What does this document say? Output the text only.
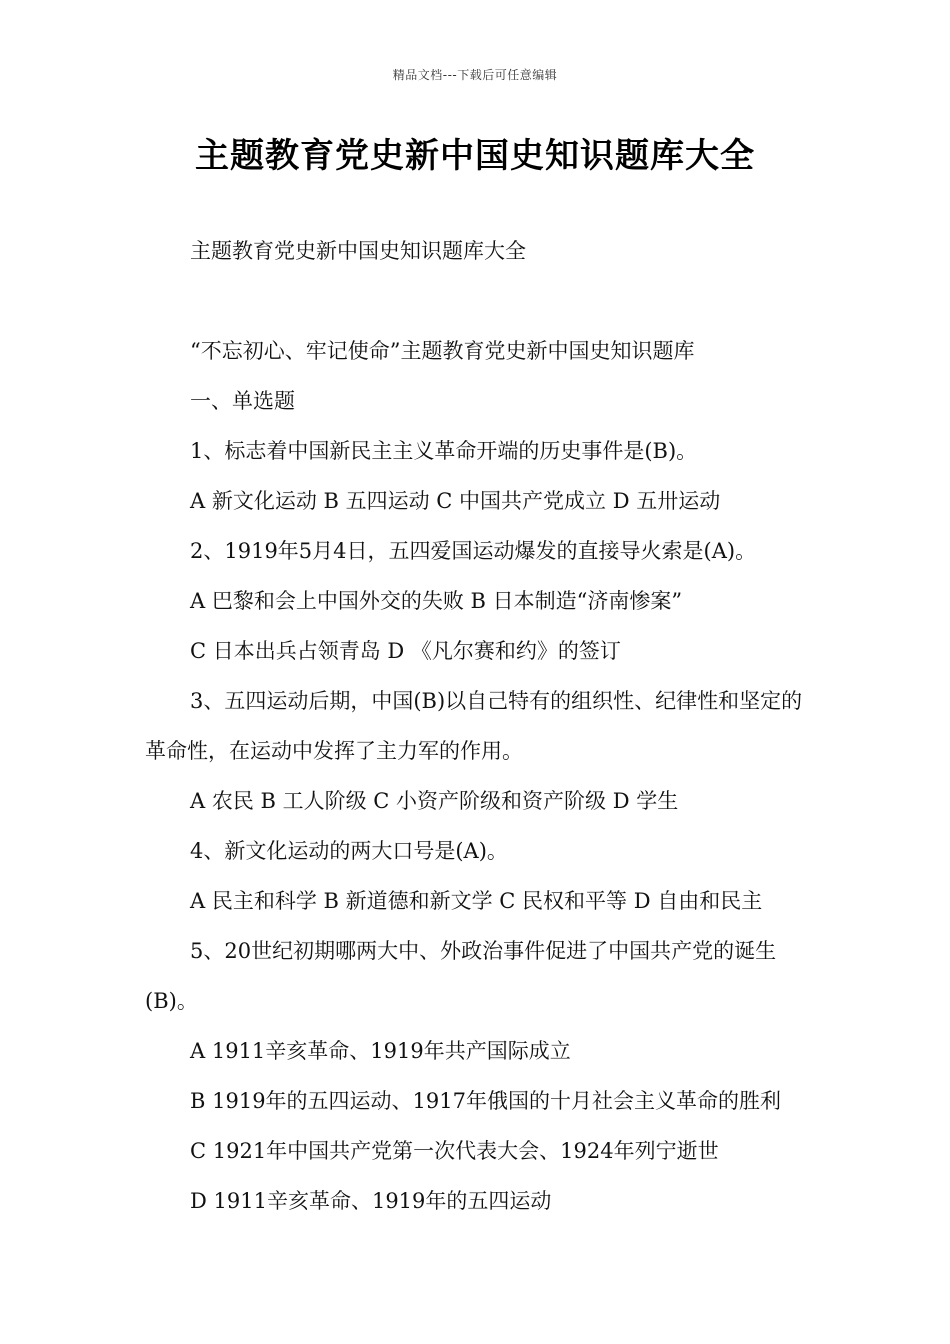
精品文档---下载后可任意编辑
主题教育党史新中国史知识题库大全
主题教育党史新中国史知识题库大全
“不忘初心、牢记使命”主题教育党史新中国史知识题库
一、单选题
1、标志着中国新民主主义革命开端的历史事件是(B)。
A 新文化运动 B 五四运动 C 中国共产党成立 D 五卅运动
2、1919年5月4日，五四爱国运动爆发的直接导火索是(A)。
A 巴黎和会上中国外交的失败 B 日本制造“济南惨案”
C 日本出兵占领青岛 D 《凡尔赛和约》的签订
3、五四运动后期，中国(B)以自己特有的组织性、纪律性和坚定的革命性，在运动中发挥了主力军的作用。
A 农民 B 工人阶级 C 小资产阶级和资产阶级 D 学生
4、新文化运动的两大口号是(A)。
A 民主和科学 B 新道德和新文学 C 民权和平等 D 自由和民主
5、20世纪初期哪两大中、外政治事件促进了中国共产党的诞生(B)。
A 1911辛亥革命、1919年共产国际成立
B 1919年的五四运动、1917年俄国的十月社会主义革命的胜利
C 1921年中国共产党第一次代表大会、1924年列宁逝世
D 1911辛亥革命、1919年的五四运动
